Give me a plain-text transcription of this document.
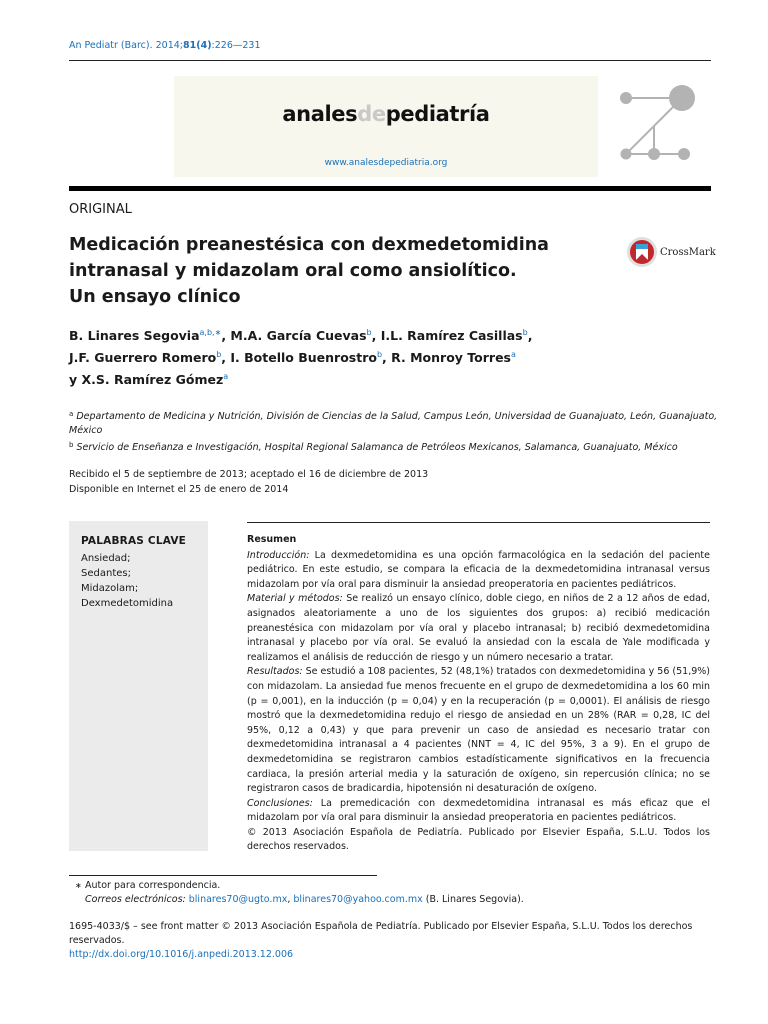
An Pediatr (Barc). 2014;81(4):226—231
analesdepediatría
www.analesdepediatria.org
ORIGINAL
Medicación preanestésica con dexmedetomidina intranasal y midazolam oral como ansiolítico. Un ensayo clínico
CrossMark
B. Linares Segovia$^{a,b,∗}$, M.A. García Cuevas$^b$, I.L. Ramírez Casillas$^b$,
J.F. Guerrero Romero$^b$, I. Botello Buenrostro$^b$, R. Monroy Torres$^a$
y X.S. Ramírez Gómez$^a$
$^a$ Departamento de Medicina y Nutrición, División de Ciencias de la Salud, Campus León, Universidad de Guanajuato, León, Guanajuato, México
$^b$ Servicio de Enseñanza e Investigación, Hospital Regional Salamanca de Petróleos Mexicanos, Salamanca, Guanajuato, México
Recibido el 5 de septiembre de 2013; aceptado el 16 de diciembre de 2013
Disponible en Internet el 25 de enero de 2014
PALABRAS CLAVE
Ansiedad;
Sedantes;
Midazolam;
Dexmedetomidina
Resumen

Introducción: La dexmedetomidina es una opción farmacológica en la sedación del paciente pediátrico. En este estudio, se compara la eficacia de la dexmedetomidina intranasal versus midazolam por vía oral para disminuir la ansiedad preoperatoria en pacientes pediátricos.

Material y métodos: Se realizó un ensayo clínico, doble ciego, en niños de 2 a 12 años de edad, asignados aleatoriamente a uno de los siguientes dos grupos: a) recibió medicación preanestésica con midazolam por vía oral y placebo intranasal; b) recibió dexmedetomidina intranasal y placebo por vía oral. Se evaluó la ansiedad con la escala de Yale modificada y realizamos el análisis de reducción de riesgo y un número necesario a tratar.

Resultados: Se estudió a 108 pacientes, 52 (48,1%) tratados con dexmedetomidina y 56 (51,9%) con midazolam. La ansiedad fue menos frecuente en el grupo de dexmedetomidina a los 60 min (p = 0,001), en la inducción (p = 0,04) y en la recuperación (p = 0,0001). El análisis de riesgo mostró que la dexmedetomidina redujo el riesgo de ansiedad en un 28% (RAR = 0,28, IC del 95%, 0,12 a 0,43) y que para prevenir un caso de ansiedad es necesario tratar con dexmedetomidina intranasal a 4 pacientes (NNT = 4, IC del 95%, 3 a 9). En el grupo de dexmedetomidina se registraron cambios estadísticamente significativos en la frecuencia cardiaca, la presión arterial media y la saturación de oxígeno, sin repercusión clínica; no se registraron casos de bradicardia, hipotensión ni desaturación de oxígeno.

Conclusiones: La premedicación con dexmedetomidina intranasal es más eficaz que el midazolam por vía oral para disminuir la ansiedad preoperatoria en pacientes pediátricos.

© 2013 Asociación Española de Pediatría. Publicado por Elsevier España, S.L.U. Todos los derechos reservados.

∗ Autor para correspondencia.
Correos electrónicos: blinares70@ugto.mx, blinares70@yahoo.com.mx (B. Linares Segovia).
1695-4033/$ – see front matter © 2013 Asociación Española de Pediatría. Publicado por Elsevier España, S.L.U. Todos los derechos reservados.
http://dx.doi.org/10.1016/j.anpedi.2013.12.006
